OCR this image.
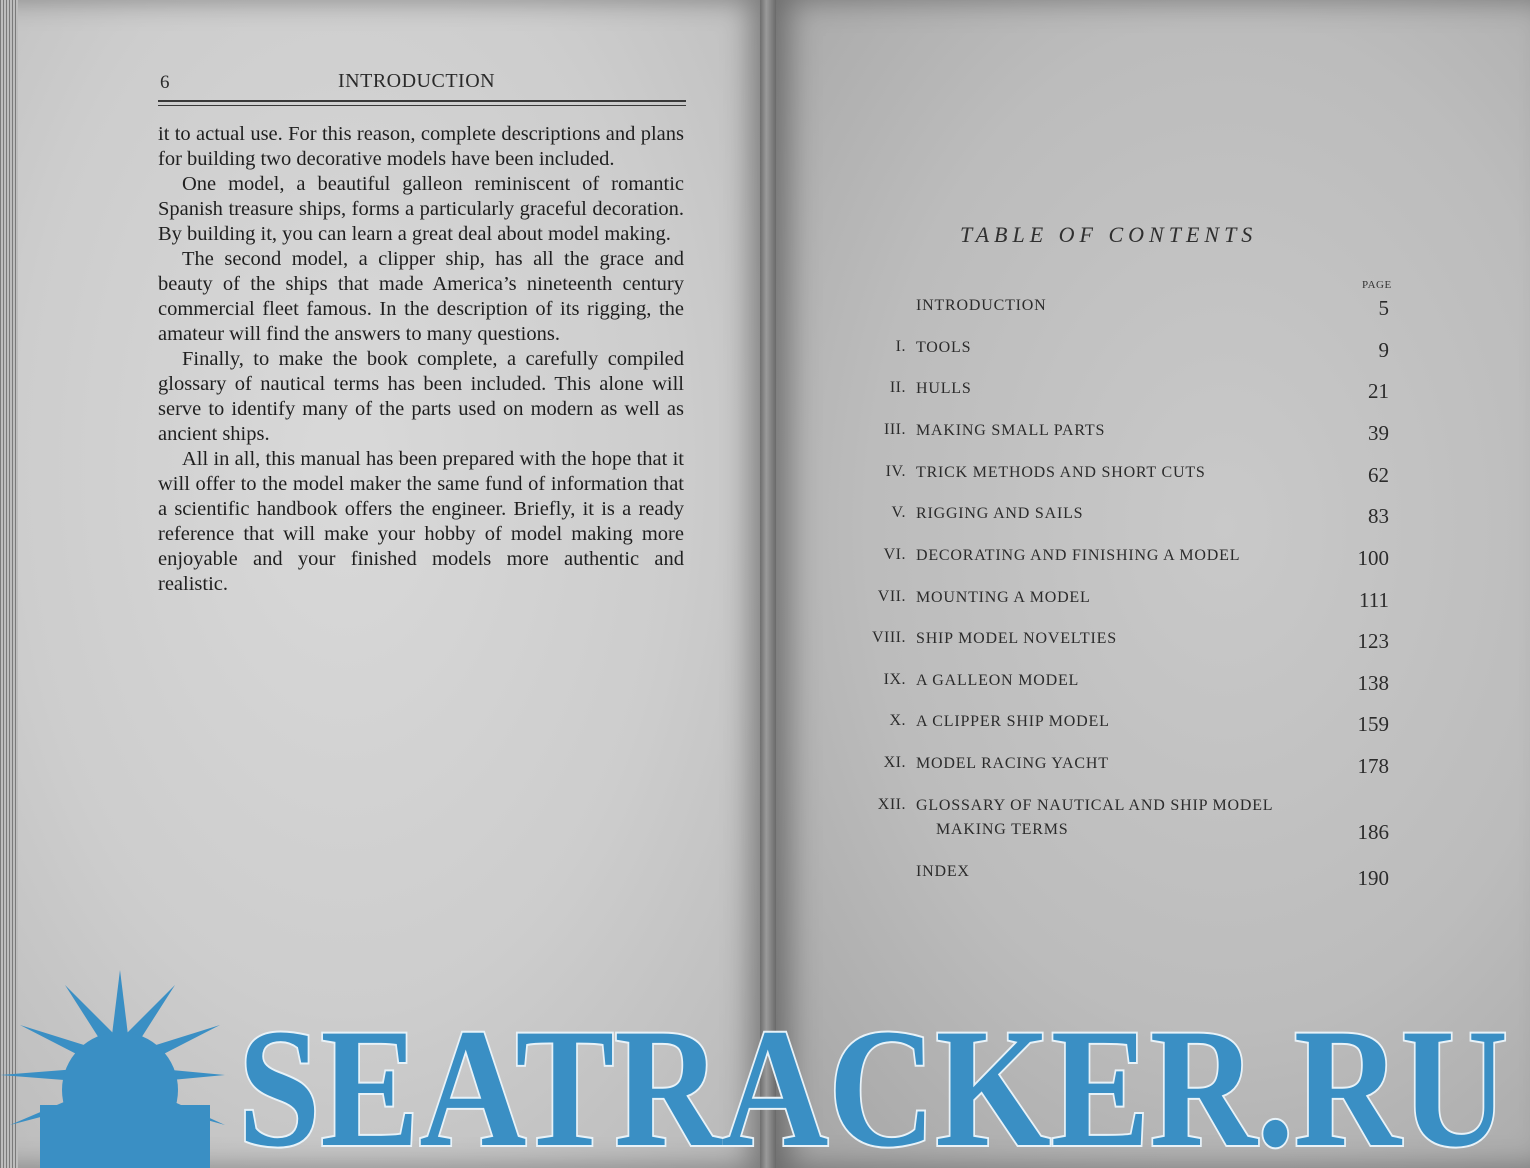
6	INTRODUCTION

it to actual use. For this reason, complete descriptions and plans for building two decorative models have been included.

One model, a beautiful galleon reminiscent of romantic Spanish treasure ships, forms a particularly graceful decoration. By building it, you can learn a great deal about model making.

The second model, a clipper ship, has all the grace and beauty of the ships that made America’s nineteenth century commercial fleet famous. In the description of its rigging, the amateur will find the answers to many questions.

Finally, to make the book complete, a carefully compiled glossary of nautical terms has been included. This alone will serve to identify many of the parts used on modern as well as ancient ships.

All in all, this manual has been prepared with the hope that it will offer to the model maker the same fund of information that a scientific handbook offers the engineer. Briefly, it is a ready reference that will make your hobby of model making more enjoyable and your finished models more authentic and realistic.

TABLE OF CONTENTS
PAGE
INTRODUCTION	5
I. TOOLS	9
II. HULLS	21
III. MAKING SMALL PARTS	39
IV. TRICK METHODS AND SHORT CUTS	62
V. RIGGING AND SAILS	83
VI. DECORATING AND FINISHING A MODEL	100
VII. MOUNTING A MODEL	111
VIII. SHIP MODEL NOVELTIES	123
IX. A GALLEON MODEL	138
X. A CLIPPER SHIP MODEL	159
XI. MODEL RACING YACHT	178
XII. GLOSSARY OF NAUTICAL AND SHIP MODEL
MAKING TERMS	186
INDEX	190
SEATRACKER.RU
